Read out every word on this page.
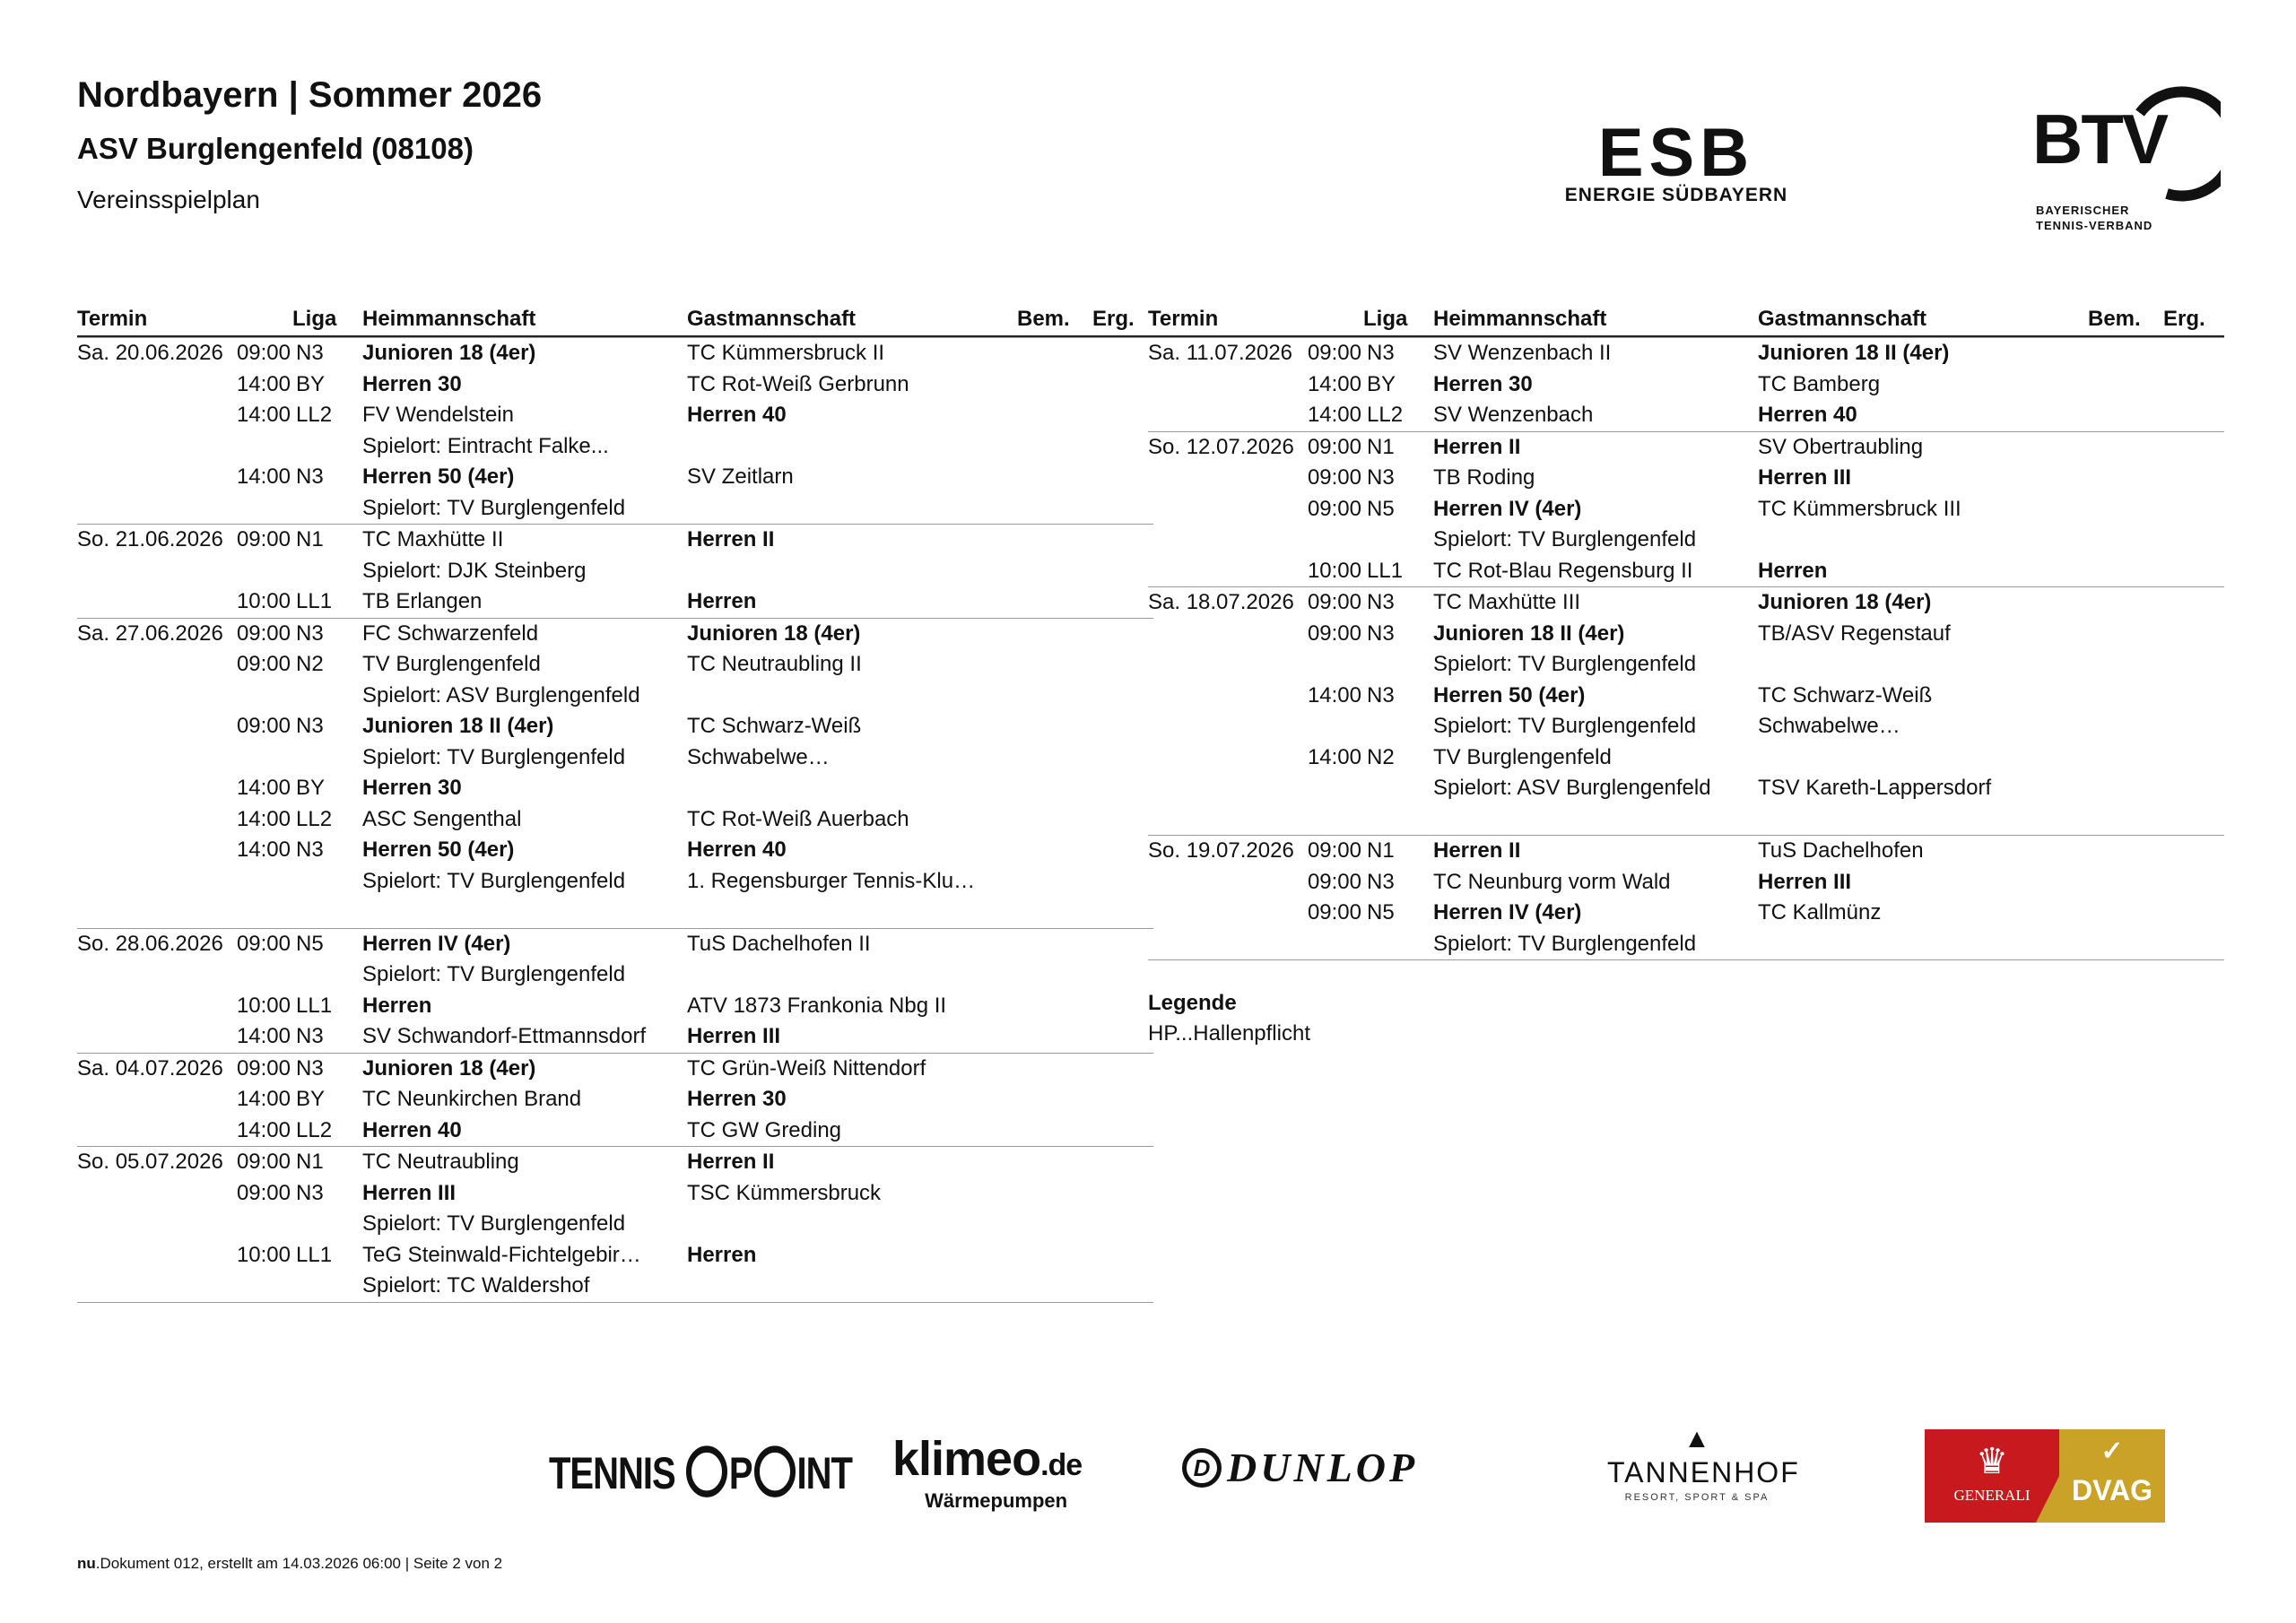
Nordbayern | Sommer 2026
ASV Burglengenfeld (08108)
Vereinsspielplan
ESB
ENERGIE SÜDBAYERN
BTV
BAYERISCHER
TENNIS-VERBAND
Termin	Liga Heimmannschaft	Gastmannschaft	Bem. Erg.
Sa. 20.06.2026 09:00 N3 Junioren 18 (4er)	TC Kümmersbruck II
14:00 BY Herren 30	TC Rot-Weiß Gerbrunn
14:00 LL2 FV Wendelstein	Herren 40
Spielort: Eintracht Falke...
14:00 N3 Herren 50 (4er)	SV Zeitlarn
Spielort: TV Burglengenfeld
So. 21.06.2026 09:00 N1 TC Maxhütte II	Herren II
Spielort: DJK Steinberg
10:00 LL1 TB Erlangen	Herren
Sa. 27.06.2026 09:00 N3 FC Schwarzenfeld	Junioren 18 (4er)
09:00 N2 TV Burglengenfeld	TC Neutraubling II
Spielort: ASV Burglengenfeld
09:00 N3 Junioren 18 II (4er)	TC Schwarz-Weiß
Spielort: TV Burglengenfeld	Schwabelwe…
14:00 BY Herren 30
14:00 LL2 ASC Sengenthal	TC Rot-Weiß Auerbach
14:00 N3 Herren 50 (4er)	Herren 40
Spielort: TV Burglengenfeld	1. Regensburger Tennis-Klu…
So. 28.06.2026 09:00 N5 Herren IV (4er)	TuS Dachelhofen II
Spielort: TV Burglengenfeld
10:00 LL1 Herren	ATV 1873 Frankonia Nbg II
14:00 N3 SV Schwandorf-Ettmannsdorf	Herren III
Sa. 04.07.2026 09:00 N3 Junioren 18 (4er)	TC Grün-Weiß Nittendorf
14:00 BY TC Neunkirchen Brand	Herren 30
14:00 LL2 Herren 40	TC GW Greding
So. 05.07.2026 09:00 N1 TC Neutraubling	Herren II
09:00 N3 Herren III	TSC Kümmersbruck
Spielort: TV Burglengenfeld
10:00 LL1 TeG Steinwald-Fichtelgebir…	Herren
Spielort: TC Waldershof
Termin	Liga Heimmannschaft	Gastmannschaft	Bem. Erg.
Sa. 11.07.2026 09:00 N3 SV Wenzenbach II	Junioren 18 II (4er)
14:00 BY Herren 30	TC Bamberg
14:00 LL2 SV Wenzenbach	Herren 40
So. 12.07.2026 09:00 N1 Herren II	SV Obertraubling
09:00 N3 TB Roding	Herren III
09:00 N5 Herren IV (4er)	TC Kümmersbruck III
Spielort: TV Burglengenfeld
10:00 LL1 TC Rot-Blau Regensburg II	Herren
Sa. 18.07.2026 09:00 N3 TC Maxhütte III	Junioren 18 (4er)
09:00 N3 Junioren 18 II (4er)	TB/ASV Regenstauf
Spielort: TV Burglengenfeld
14:00 N3 Herren 50 (4er)	TC Schwarz-Weiß
Spielort: TV Burglengenfeld	Schwabelwe…
14:00 N2 TV Burglengenfeld
Spielort: ASV Burglengenfeld	TSV Kareth-Lappersdorf
So. 19.07.2026 09:00 N1 Herren II	TuS Dachelhofen
09:00 N3 TC Neunburg vorm Wald	Herren III
09:00 N5 Herren IV (4er)	TC Kallmünz
Spielort: TV Burglengenfeld
Legende
HP...Hallenpflicht
TENNIS P INT klimeo.de
Wärmepumpen
D DUNLOP
▲
TANNENHOF
RESORT, SPORT & SPA
♛
GENERALI
✓
DVAG
nu.Dokument 012, erstellt am 14.03.2026 06:00 | Seite 2 von 2
